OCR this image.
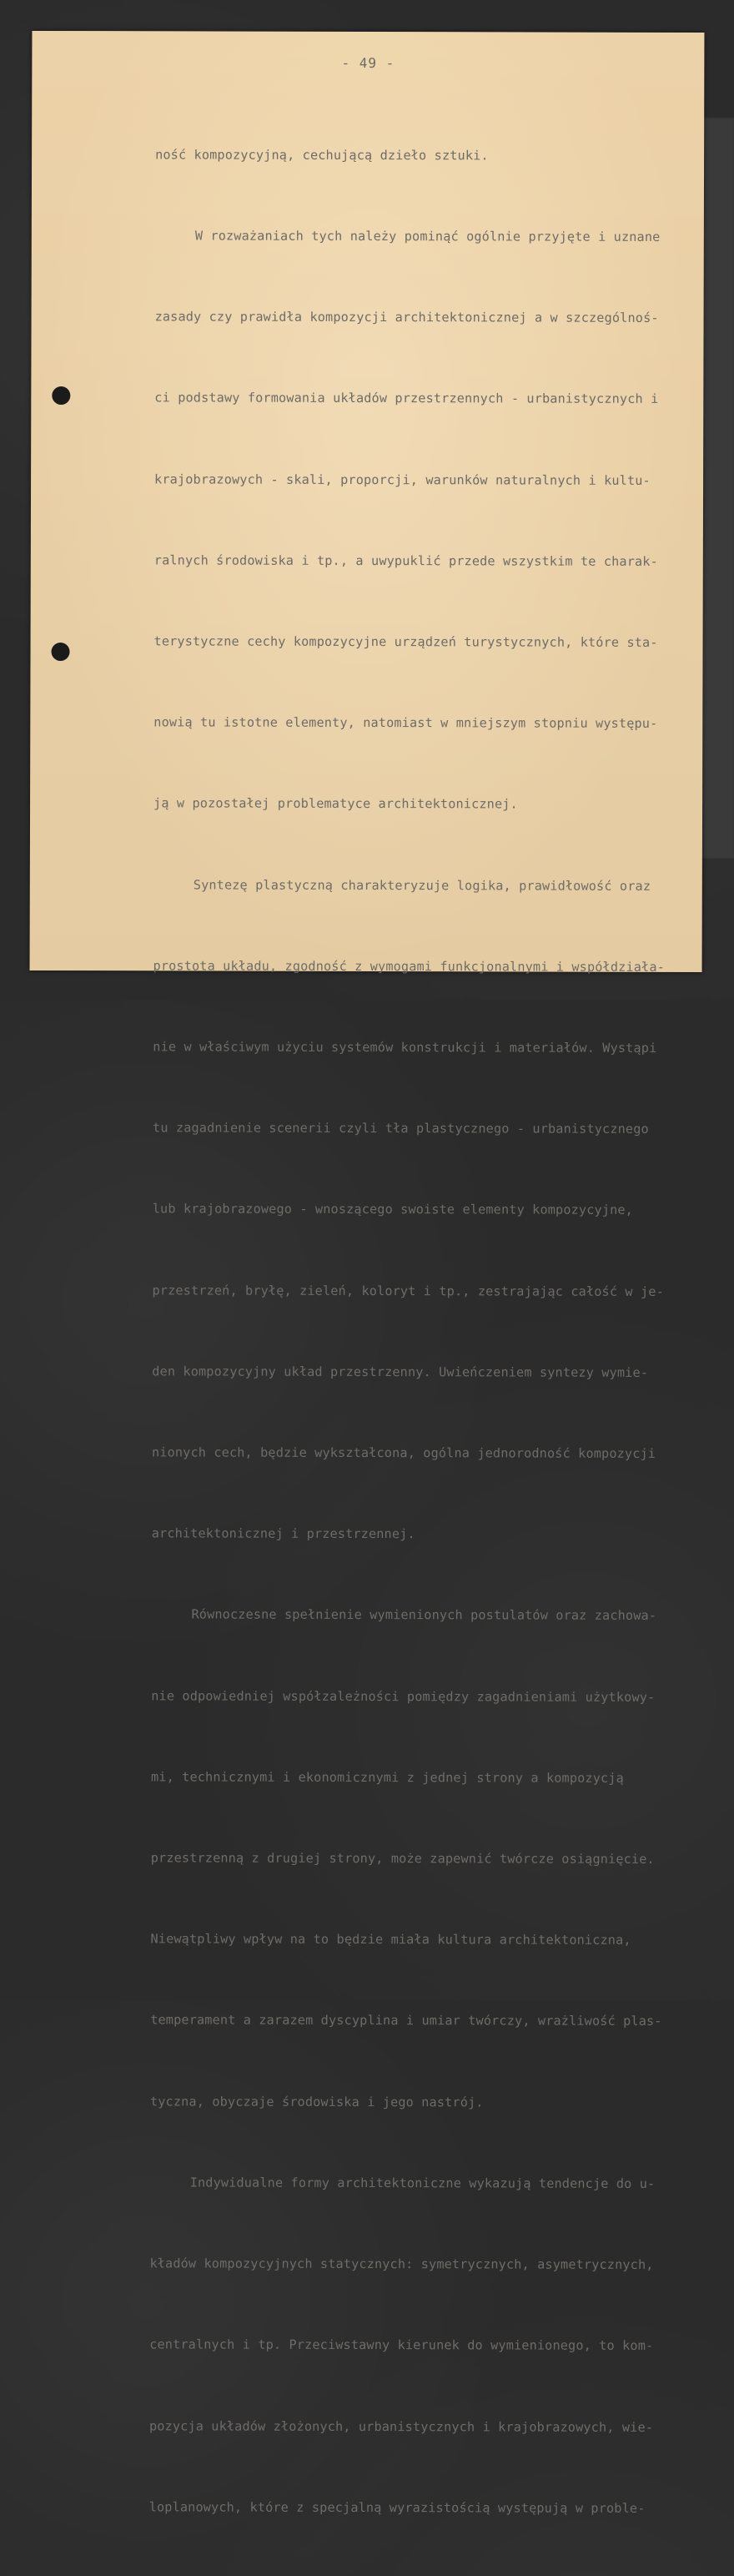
- 49 -

ność kompozycyjną, cechującą dzieło sztuki.

W rozważaniach tych należy pominąć ogólnie przyjęte i uznane

zasady czy prawidła kompozycji architektonicznej a w szczególnoś-

ci podstawy formowania układów przestrzennych - urbanistycznych i

krajobrazowych - skali, proporcji, warunków naturalnych i kultu-

ralnych środowiska i tp., a uwypuklić przede wszystkim te charak-

terystyczne cechy kompozycyjne urządzeń turystycznych, które sta-

nowią tu istotne elementy, natomiast w mniejszym stopniu występu-

ją w pozostałej problematyce architektonicznej.

Syntezę plastyczną charakteryzuje logika, prawidłowość oraz

prostota układu, zgodność z wymogami funkcjonalnymi i współdziała-

nie w właściwym użyciu systemów konstrukcji i materiałów. Wystąpi

tu zagadnienie scenerii czyli tła plastycznego - urbanistycznego

lub krajobrazowego - wnoszącego swoiste elementy kompozycyjne,

przestrzeń, bryłę, zieleń, koloryt i tp., zestrajając całość w je-

den kompozycyjny układ przestrzenny. Uwieńczeniem syntezy wymie-

nionych cech, będzie wykształcona, ogólna jednorodność kompozycji

architektonicznej i przestrzennej.

Równoczesne spełnienie wymienionych postulatów oraz zachowa-

nie odpowiedniej współzależności pomiędzy zagadnieniami użytkowy-

mi, technicznymi i ekonomicznymi z jednej strony a kompozycją

przestrzenną z drugiej strony, może zapewnić twórcze osiągnięcie.

Niewątpliwy wpływ na to będzie miała kultura architektoniczna,

temperament a zarazem dyscyplina i umiar twórczy, wrażliwość plas-

tyczna, obyczaje środowiska i jego nastrój.

Indywidualne formy architektoniczne wykazują tendencje do u-

kładów kompozycyjnych statycznych: symetrycznych, asymetrycznych,

centralnych i tp. Przeciwstawny kierunek do wymienionego, to kom-

pozycja układów złożonych, urbanistycznych i krajobrazowych, wie-

loplanowych, które z specjalną wyrazistością występują w proble-
